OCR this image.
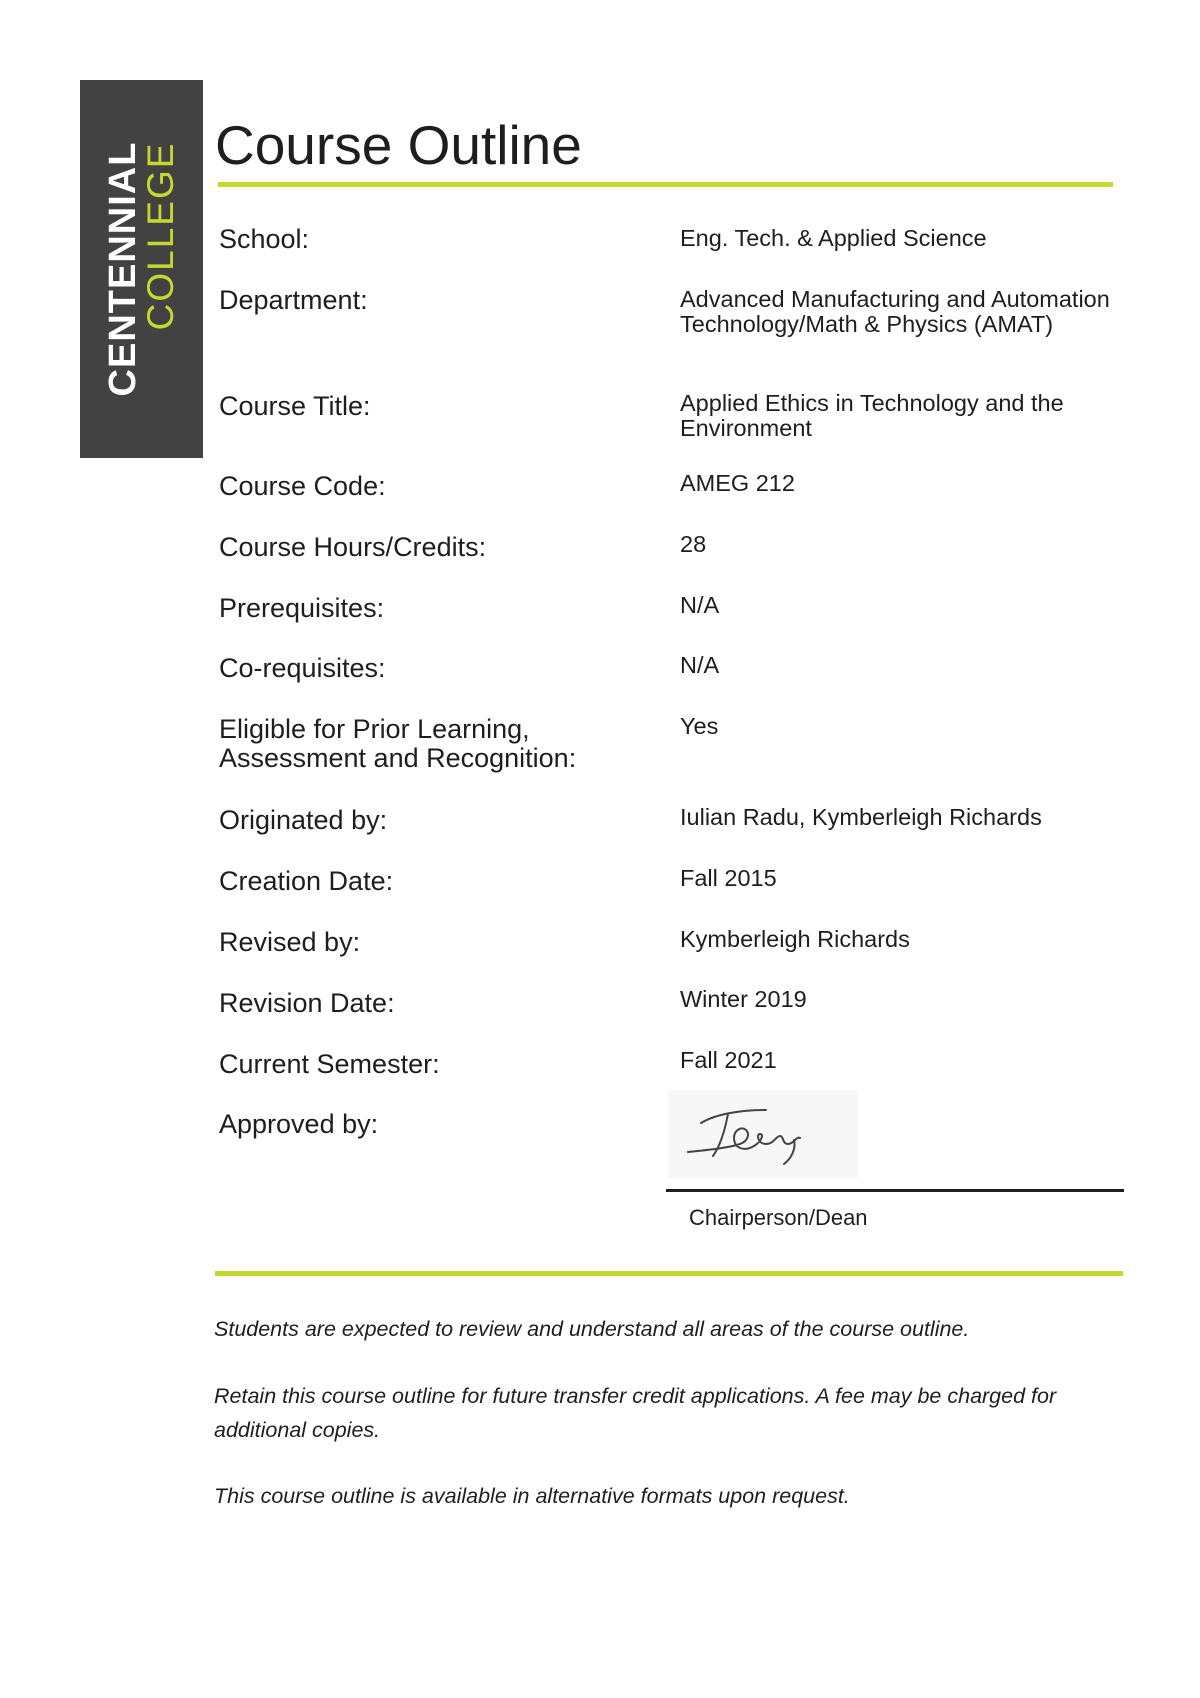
CENTENNIAL
COLLEGE Course Outline
School:	Eng. Tech. & Applied Science
Department:	Advanced Manufacturing and Automation Technology/Math & Physics (AMAT)
Course Title:	Applied Ethics in Technology and the Environment
Course Code:	AMEG 212
Course Hours/Credits:	28
Prerequisites:	N/A
Co-requisites:	N/A
Eligible for Prior Learning, Assessment and Recognition:
Yes
Originated by:	Iulian Radu, Kymberleigh Richards
Creation Date:	Fall 2015
Revised by:	Kymberleigh Richards
Revision Date:	Winter 2019
Current Semester:	Fall 2021
Approved by:
Chairperson/Dean

Students are expected to review and understand all areas of the course outline.

Retain this course outline for future transfer credit applications. A fee may be charged for additional copies.

This course outline is available in alternative formats upon request.
